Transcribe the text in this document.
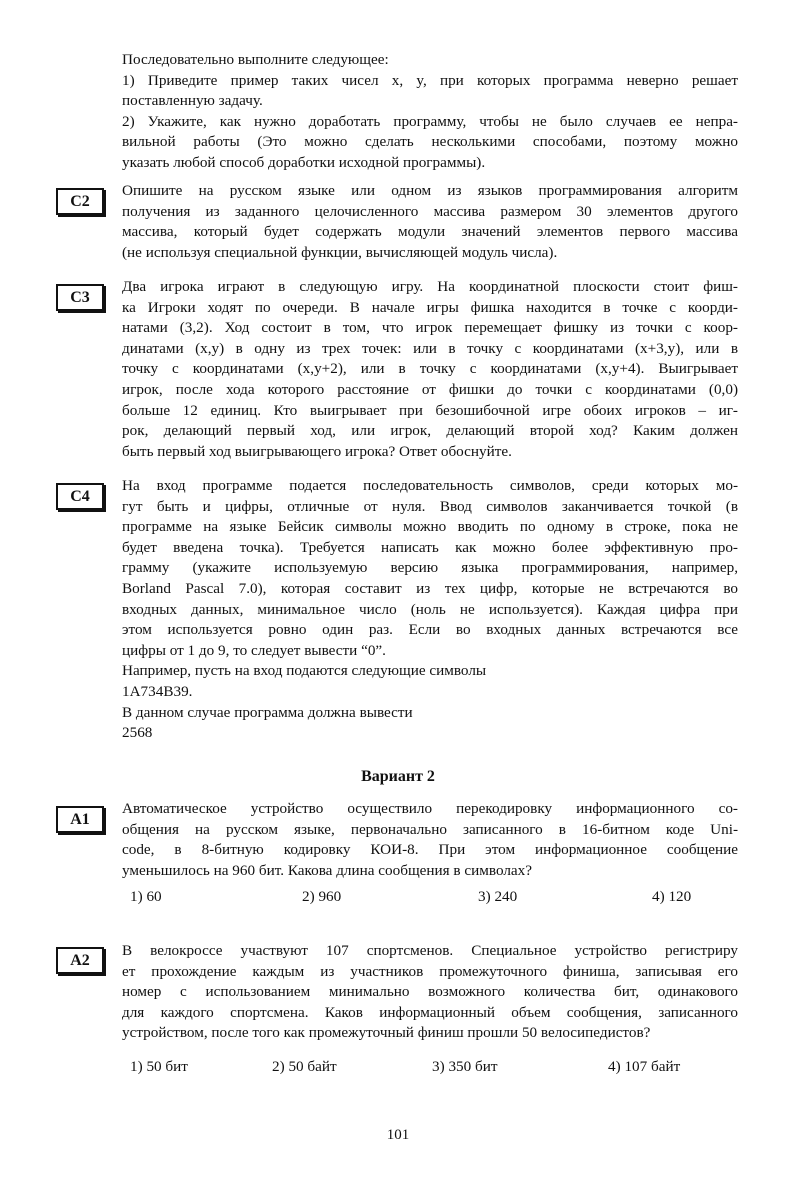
Последовательно выполните следующее:
1) Приведите пример таких чисел x, y, при которых программа неверно решает
поставленную задачу.
2) Укажите, как нужно доработать программу, чтобы не было случаев ее непра-
вильной работы (Это можно сделать несколькими способами, поэтому можно
указать любой способ доработки исходной программы).
C2
Опишите на русском языке или одном из языков программирования алгоритм
получения из заданного целочисленного массива размером 30 элементов другого
массива, который будет содержать модули значений элементов первого массива
(не используя специальной функции, вычисляющей модуль числа).
C3
Два игрока играют в следующую игру. На координатной плоскости стоит фиш-
ка Игроки ходят по очереди. В начале игры фишка находится в точке с коорди-
натами (3,2). Ход состоит в том, что игрок перемещает фишку из точки с коор-
динатами (x,y) в одну из трех точек: или в точку с координатами (x+3,y), или в
точку с координатами (x,y+2), или в точку с координатами (x,y+4). Выигрывает
игрок, после хода которого расстояние от фишки до точки с координатами (0,0)
больше 12 единиц. Кто выигрывает при безошибочной игре обоих игроков – иг-
рок, делающий первый ход, или игрок, делающий второй ход? Каким должен
быть первый ход выигрывающего игрока? Ответ обоснуйте.
C4
На вход программе подается последовательность символов, среди которых мо-
гут быть и цифры, отличные от нуля. Ввод символов заканчивается точкой (в
программе на языке Бейсик символы можно вводить по одному в строке, пока не
будет введена точка). Требуется написать как можно более эффективную про-
грамму (укажите используемую версию языка программирования, например,
Borland Pascal 7.0), которая составит из тех цифр, которые не встречаются во
входных данных, минимальное число (ноль не используется). Каждая цифра при
этом используется ровно один раз. Если во входных данных встречаются все
цифры от 1 до 9, то следует вывести “0”.
Например, пусть на вход подаются следующие символы
1A734B39.
В данном случае программа должна вывести
2568
Вариант 2
A1
Автоматическое устройство осуществило перекодировку информационного со-
общения на русском языке, первоначально записанного в 16-битном коде Uni-
code, в 8-битную кодировку КОИ-8. При этом информационное сообщение
уменьшилось на 960 бит. Какова длина сообщения в символах?
1) 60	2) 960	3) 240	4) 120
A2
В велокроссе участвуют 107 спортсменов. Специальное устройство регистриру
ет прохождение каждым из участников промежуточного финиша, записывая его
номер с использованием минимально возможного количества бит, одинакового
для каждого спортсмена. Каков информационный объем сообщения, записанного
устройством, после того как промежуточный финиш прошли 50 велосипедистов?
1) 50 бит	2) 50 байт	3) 350 бит	4) 107 байт
101
